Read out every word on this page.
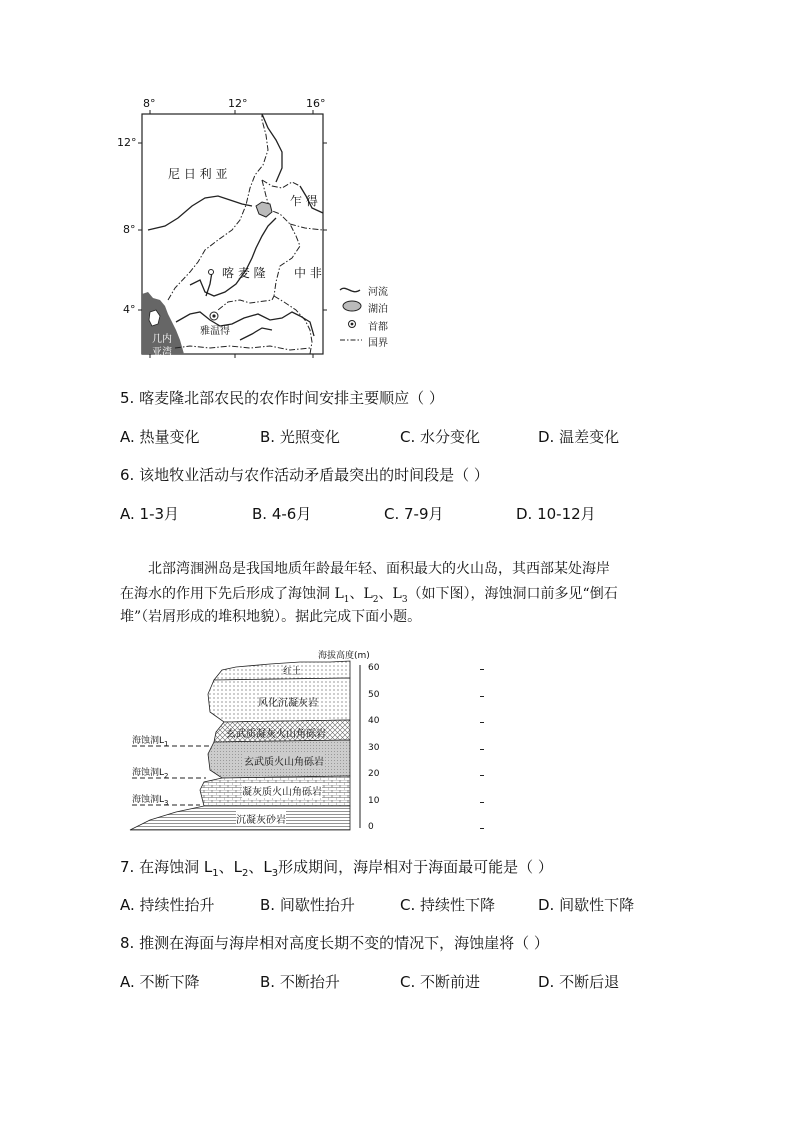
8°	12°	16°
12°
8°
4°
尼 日 利 亚
乍 得
喀 麦 隆 中 非
雅温得
几内
亚湾
河流
湖泊
首都
国界
5. 喀麦隆北部农民的农作时间安排主要顺应（ ）
A. 热量变化	B. 光照变化	C. 水分变化	D. 温差变化
6. 该地牧业活动与农作活动矛盾最突出的时间段是（ ）
A. 1-3月	B. 4-6月	C. 7-9月	D. 10-12月
北部湾涠洲岛是我国地质年龄最年轻、面积最大的火山岛，其西部某处海岸
在海水的作用下先后形成了海蚀洞 $L_1$、$L_2$、$L_3$（如下图），海蚀洞口前多见“倒石
堆”（岩屑形成的堆积地貌）。据此完成下面小题。
60
50
40
30
20
10
0
海拔高度(m)
红土
风化沉凝灰岩
玄武质凝灰火山角砾岩
玄武质火山角砾岩
凝灰质火山角砾岩
沉凝灰砂岩
海蚀洞$L_1$
海蚀洞$L_2$
海蚀洞$L_3$
7. 在海蚀洞 $L_1$、$L_2$、$L_3$形成期间，海岸相对于海面最可能是（ ）
A. 持续性抬升	B. 间歇性抬升	C. 持续性下降	D. 间歇性下降
8. 推测在海面与海岸相对高度长期不变的情况下，海蚀崖将（ ）
A. 不断下降	B. 不断抬升	C. 不断前进	D. 不断后退
